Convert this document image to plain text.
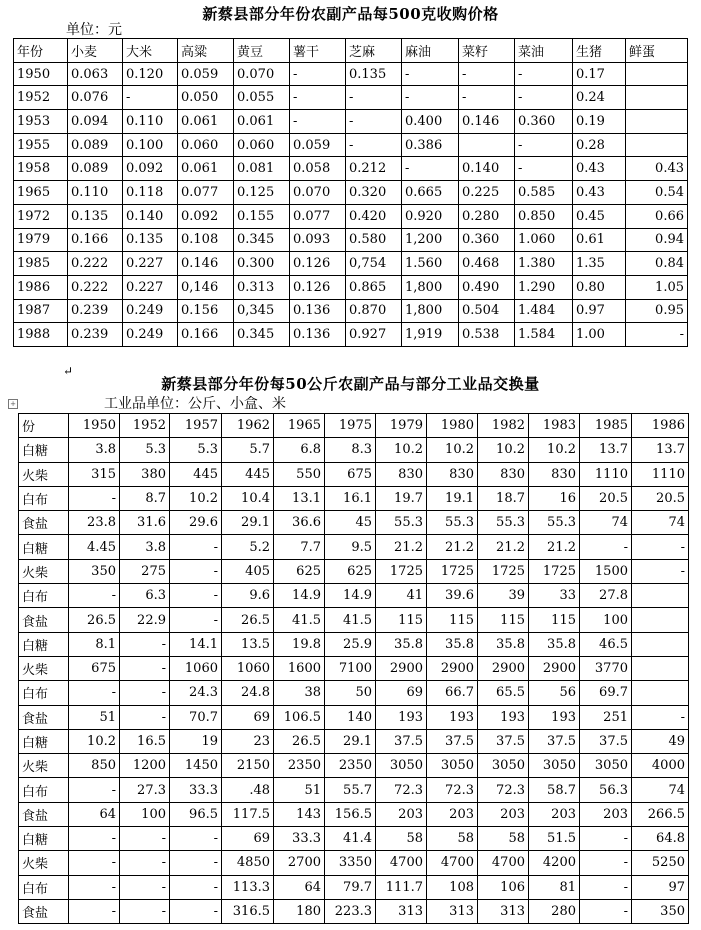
新蔡县部分年份农副产品每500克收购价格
单位：元
年份	小麦	大米	高粱	黄豆	薯干	芝麻	麻油	菜籽	菜油	生猪	鲜蛋
1950	0.063	0.120	0.059	0.070	-	0.135	-	-	-	0.17	
1952	0.076	-	0.050	0.055	-	-	-	-	-	0.24	
1953	0.094	0.110	0.061	0.061	-	-	0.400	0.146	0.360	0.19	
1955	0.089	0.100	0.060	0.060	0.059	-	0.386		-	0.28	
1958	0.089	0.092	0.061	0.081	0.058	0.212	-	0.140	-	0.43	0.43
1965	0.110	0.118	0.077	0.125	0.070	0.320	0.665	0.225	0.585	0.43	0.54
1972	0.135	0.140	0.092	0.155	0.077	0.420	0.920	0.280	0.850	0.45	0.66
1979	0.166	0.135	0.108	0.345	0.093	0.580	1,200	0.360	1.060	0.61	0.94
1985	0.222	0.227	0.146	0.300	0.126	0,754	1.560	0.468	1.380	1.35	0.84
1986	0.222	0.227	0,146	0.313	0.126	0.865	1,800	0.490	1.290	0.80	1.05
1987	0.239	0.249	0.156	0,345	0.136	0.870	1,800	0.504	1.484	0.97	0.95
1988	0.239	0.249	0.166	0.345	0.136	0.927	1,919	0.538	1.584	1.00	-
↵
新蔡县部分年份每50公斤农副产品与部分工业品交换量
工业品单位：公斤、小盒、米
+
份	1950	1952	1957	1962	1965	1975	1979	1980	1982	1983	1985	1986
白糖	3.8	5.3	5.3	5.7	6.8	8.3	10.2	10.2	10.2	10.2	13.7	13.7
火柴	315	380	445	445	550	675	830	830	830	830	1110	1110
白布	-	8.7	10.2	10.4	13.1	16.1	19.7	19.1	18.7	16	20.5	20.5
食盐	23.8	31.6	29.6	29.1	36.6	45	55.3	55.3	55.3	55.3	74	74
白糖	4.45	3.8	-	5.2	7.7	9.5	21.2	21.2	21.2	21.2	-	-
火柴	350	275	-	405	625	625	1725	1725	1725	1725	1500	-
白布	-	6.3	-	9.6	14.9	14.9	41	39.6	39	33	27.8	
食盐	26.5	22.9	-	26.5	41.5	41.5	115	115	115	115	100	
白糖	8.1	-	14.1	13.5	19.8	25.9	35.8	35.8	35.8	35.8	46.5	
火柴	675	-	1060	1060	1600	7100	2900	2900	2900	2900	3770	
白布	-	-	24.3	24.8	38	50	69	66.7	65.5	56	69.7	
食盐	51	-	70.7	69	106.5	140	193	193	193	193	251	-
白糖	10.2	16.5	19	23	26.5	29.1	37.5	37.5	37.5	37.5	37.5	49
火柴	850	1200	1450	2150	2350	2350	3050	3050	3050	3050	3050	4000
白布	-	27.3	33.3	.48	51	55.7	72.3	72.3	72.3	58.7	56.3	74
食盐	64	100	96.5	117.5	143	156.5	203	203	203	203	203	266.5
白糖	-	-	-	69	33.3	41.4	58	58	58	51.5	-	64.8
火柴	-	-	-	4850	2700	3350	4700	4700	4700	4200	-	5250
白布	-	-	-	113.3	64	79.7	111.7	108	106	81	-	97
食盐	-	-	-	316.5	180	223.3	313	313	313	280	-	350
